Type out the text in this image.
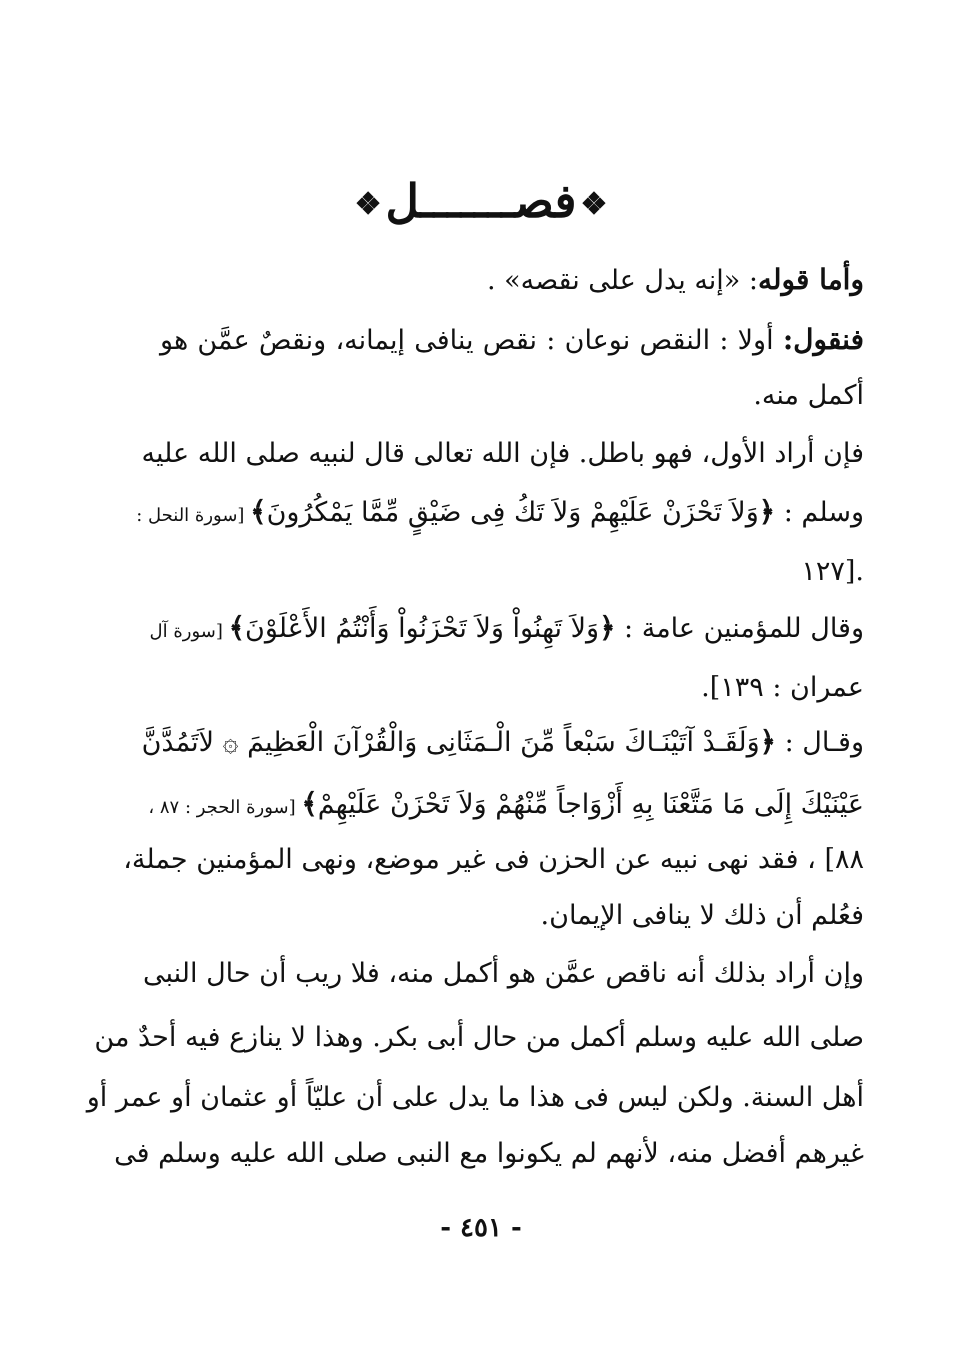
❖فصـــــــل❖
وأما قوله: «إنه يدل على نقصه» .
فنقول: أولا : النقص نوعان : نقص ينافى إيمانه، ونقصٌ عمَّن هو
أكمل منه.
فإن أراد الأول، فهو باطل. فإن الله تعالى قال لنبيه صلى الله عليه
وسلم : ﴿وَلاَ تَحْزَنْ عَلَيْهِمْ وَلاَ تَكُ فِى ضَيْقٍ مِّمَّا يَمْكُرُونَ﴾ [سورة النحل :
١٢٧].
وقال للمؤمنين عامة : ﴿وَلاَ تَهِنُواْ وَلاَ تَحْزَنُواْ وَأَنْتُمُ الأَعْلَوْنَ﴾ [سورة آل
عمران : ١٣٩].
وقـال : ﴿وَلَقَـدْ آتَيْنَـاكَ سَبْعاً مِّنَ الْـمَثَانِى وَالْقُرْآنَ الْعَظِيمَ ۞ لاَتَمُدَّنَّ
عَيْنَيْكَ إِلَى مَا مَتَّعْنَا بِهِ أَزْوَاجاً مِّنْهُمْ وَلاَ تَحْزَنْ عَلَيْهِمْ﴾ [سورة الحجر : ٨٧ ،
٨٨] ، فقد نهى نبيه عن الحزن فى غير موضع، ونهى المؤمنين جملة،
فعُلم أن ذلك لا ينافى الإيمان.
وإن أراد بذلك أنه ناقص عمَّن هو أكمل منه، فلا ريب أن حال النبى
صلى الله عليه وسلم أكمل من حال أبى بكر. وهذا لا ينازع فيه أحدٌ من
أهل السنة. ولكن ليس فى هذا ما يدل على أن عليّاً أو عثمان أو عمر أو
غيرهم أفضل منه، لأنهم لم يكونوا مع النبى صلى الله عليه وسلم فى
- ٤٥١ -
